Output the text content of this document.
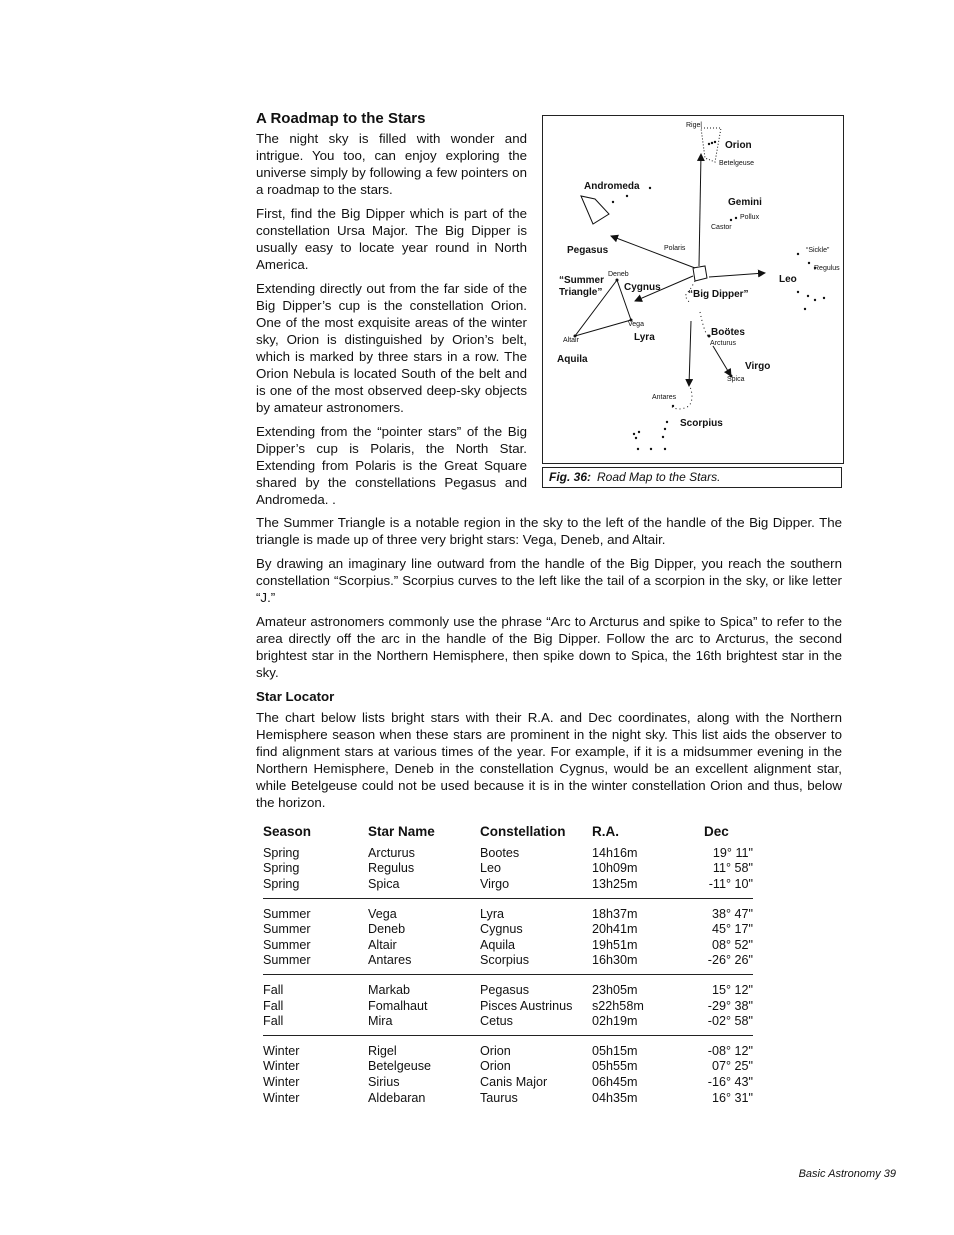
A Roadmap to the Stars

The night sky is filled with wonder and intrigue. You too, can enjoy exploring the universe simply by following a few pointers on a roadmap to the stars.

First, find the Big Dipper which is part of the constellation Ursa Major. The Big Dipper is usually easy to locate year round in North America.

Extending directly out from the far side of the Big Dipper’s cup is the constellation Orion. One of the most exquisite areas of the winter sky, Orion is distinguished by Orion’s belt, which is marked by three stars in a row. The Orion Nebula is located South of the belt and is one of the most observed deep-sky objects by amateur astronomers.

Extending from the “pointer stars” of the Big Dipper’s cup is Polaris, the North Star. Extending from Polaris is the Great Square shared by the constellations Pegasus and Andromeda. .

Rigel
Betelgeuse
Pollux
Castor
Polaris	“Sickle”
Regulus
Deneb
Vega
Altair	Arcturus
Spica
Antares
Orion
Andromeda
Gemini
Pegasus
“Summer
Triangle” Cygnus
“Big Dipper”
Leo
Lyra	Boötes
Aquila
Virgo
Scorpius
Fig. 36: Road Map to the Stars.

The Summer Triangle is a notable region in the sky to the left of the handle of the Big Dipper. The triangle is made up of three very bright stars: Vega, Deneb, and Altair.

By drawing an imaginary line outward from the handle of the Big Dipper, you reach the southern constellation “Scorpius.” Scorpius curves to the left like the tail of a scorpion in the sky, or like letter “J.”

Amateur astronomers commonly use the phrase “Arc to Arcturus and spike to Spica” to refer to the area directly off the arc in the handle of the Big Dipper. Follow the arc to Arcturus, the second brightest star in the Northern Hemisphere, then spike down to Spica, the 16th brightest star in the sky.

Star Locator

The chart below lists bright stars with their R.A. and Dec coordinates, along with the Northern Hemisphere season when these stars are prominent in the night sky. This list aids the observer to find alignment stars at various times of the year. For example, if it is a midsummer evening in the Northern Hemisphere, Deneb in the constellation Cygnus, would be an excellent alignment star, while Betelgeuse could not be used because it is in the winter constellation Orion and thus, below the horizon.

Season	Star Name	Constellation	R.A.	Dec
Spring	Arcturus	Bootes	14h16m	19° 11"
Spring	Regulus	Leo	10h09m	11° 58"
Spring	Spica	Virgo	13h25m	-11° 10"
Summer	Vega	Lyra	18h37m	38° 47"
Summer	Deneb	Cygnus	20h41m	45° 17"
Summer	Altair	Aquila	19h51m	08° 52"
Summer	Antares	Scorpius	16h30m	-26° 26"
Fall	Markab	Pegasus	23h05m	15° 12"
Fall	Fomalhaut	Pisces Austrinus	s22h58m	-29° 38"
Fall	Mira	Cetus	02h19m	-02° 58"
Winter	Rigel	Orion	05h15m	-08° 12"
Winter	Betelgeuse	Orion	05h55m	07° 25"
Winter	Sirius	Canis Major	06h45m	-16° 43"
Winter	Aldebaran	Taurus	04h35m	16° 31"
Basic Astronomy 39
